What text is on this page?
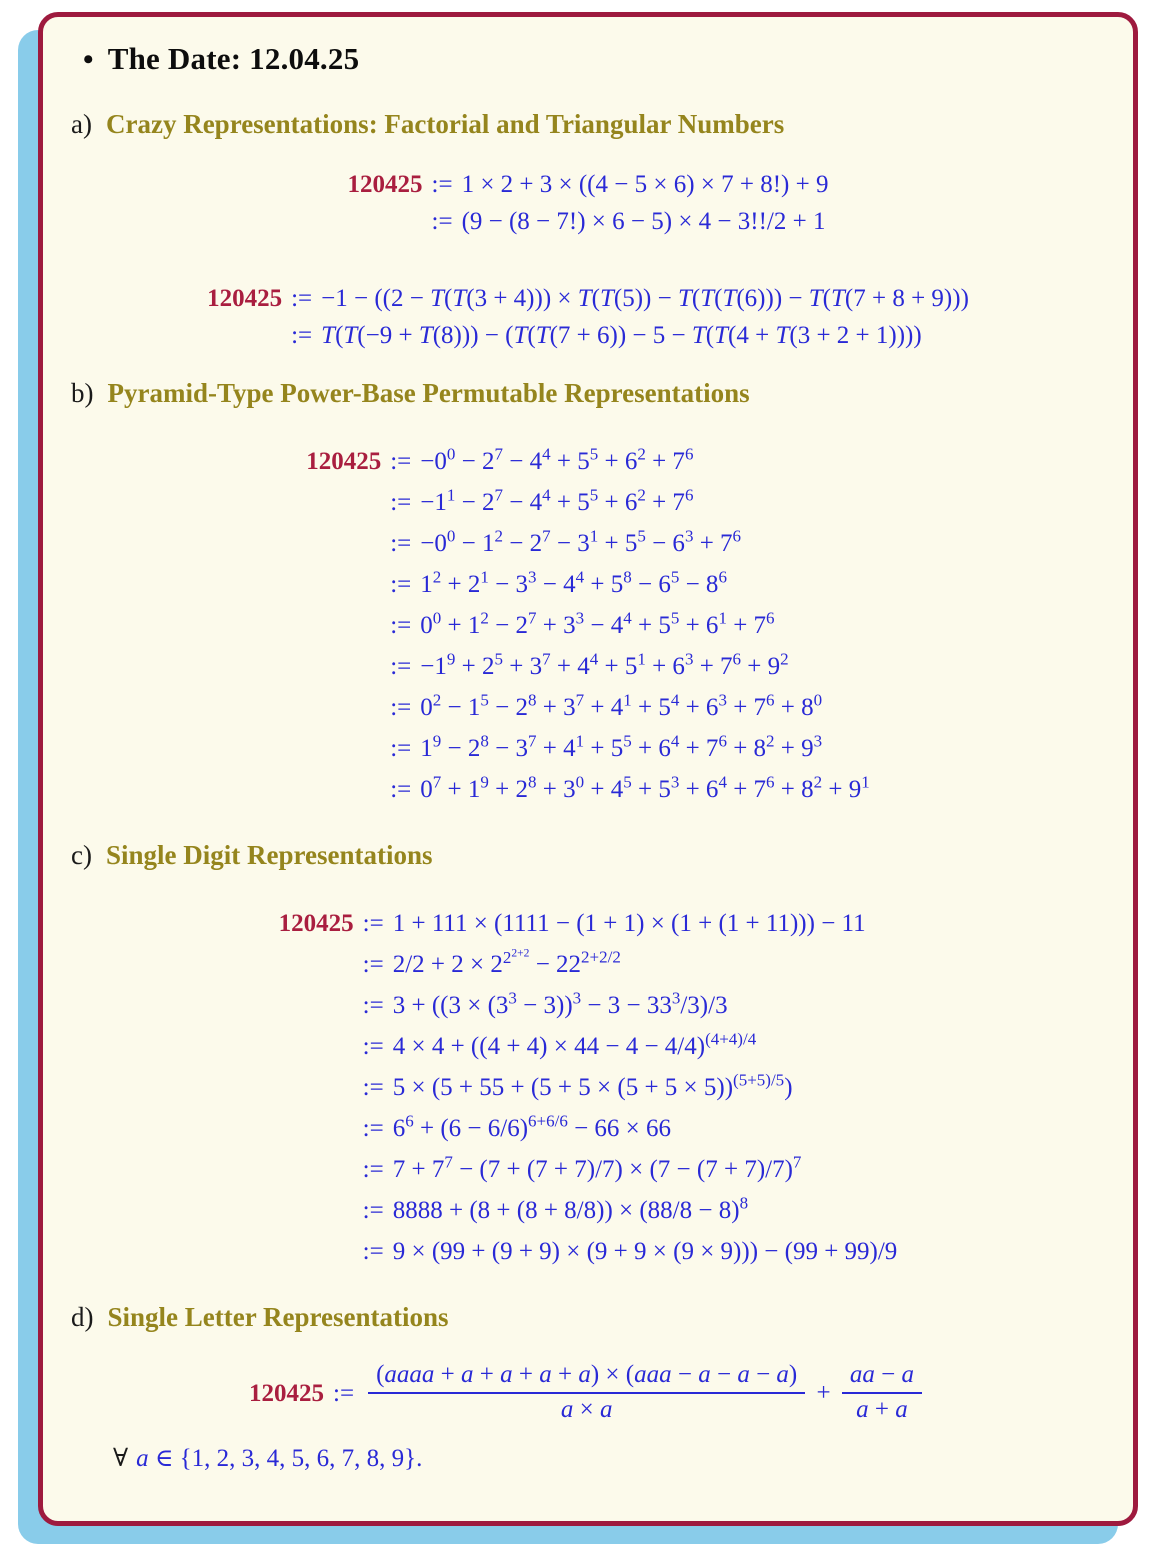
• The Date: 12.04.25
a) Crazy Representations: Factorial and Triangular Numbers
120425	:= 1 × 2 + 3 × ((4 − 5 × 6) × 7 + 8!) + 9
	:= (9 − (8 − 7!) × 6 − 5) × 4 − 3!!/2 + 1
120425	:= −1 − ((2 − T(T(3 + 4))) × T(T(5)) − T(T(T(6))) − T(T(7 + 8 + 9)))
	:= T(T(−9 + T(8))) − (T(T(7 + 6)) − 5 − T(T(4 + T(3 + 2 + 1))))
b) Pyramid-Type Power-Base Permutable Representations
120425	:= $-0^0 - 2^7 - 4^4 + 5^5 + 6^2 + 7^6$
	:= $-1^1 - 2^7 - 4^4 + 5^5 + 6^2 + 7^6$
	:= $-0^0 - 1^2 - 2^7 - 3^1 + 5^5 - 6^3 + 7^6$
	:= $1^2 + 2^1 - 3^3 - 4^4 + 5^8 - 6^5 - 8^6$
	:= $0^0 + 1^2 - 2^7 + 3^3 - 4^4 + 5^5 + 6^1 + 7^6$
	:= $-1^9 + 2^5 + 3^7 + 4^4 + 5^1 + 6^3 + 7^6 + 9^2$
	:= $0^2 - 1^5 - 2^8 + 3^7 + 4^1 + 5^4 + 6^3 + 7^6 + 8^0$
	:= $1^9 - 2^8 - 3^7 + 4^1 + 5^5 + 6^4 + 7^6 + 8^2 + 9^3$
	:= $0^7 + 1^9 + 2^8 + 3^0 + 4^5 + 5^3 + 6^4 + 7^6 + 8^2 + 9^1$
c) Single Digit Representations
120425	:= 1 + 111 × (1111 − (1 + 1) × (1 + (1 + 11))) − 11
	:= $2/2 + 2 \times 2^{2^{2+2}} - 22^{2+2/2}$
	:= $3 + ((3 \times (3^3 - 3))^3 - 3 - 33^3/3)/3$
	:= $4 \times 4 + ((4 + 4) \times 44 - 4 - 4/4)^{(4+4)/4}$
	:= $5 \times (5 + 55 + (5 + 5 \times (5 + 5 \times 5))^{(5+5)/5})$
	:= $6^6 + (6 - 6/6)^{6+6/6} - 66 \times 66$
	:= $7 + 7^7 - (7 + (7 + 7)/7) \times (7 - (7 + 7)/7)^7$
	:= $8888 + (8 + (8 + 8/8)) \times (88/8 - 8)^8$
	:= 9 × (99 + (9 + 9) × (9 + 9 × (9 × 9))) − (99 + 99)/9
d) Single Letter Representations
120425	:= $\frac{\text{(aaaa + a + a + a + a) × (aaa − a − a − a)}}{a \times a} + \frac{aa - a}{a + a}$
∀ a ∈ {1, 2, 3, 4, 5, 6, 7, 8, 9}.
